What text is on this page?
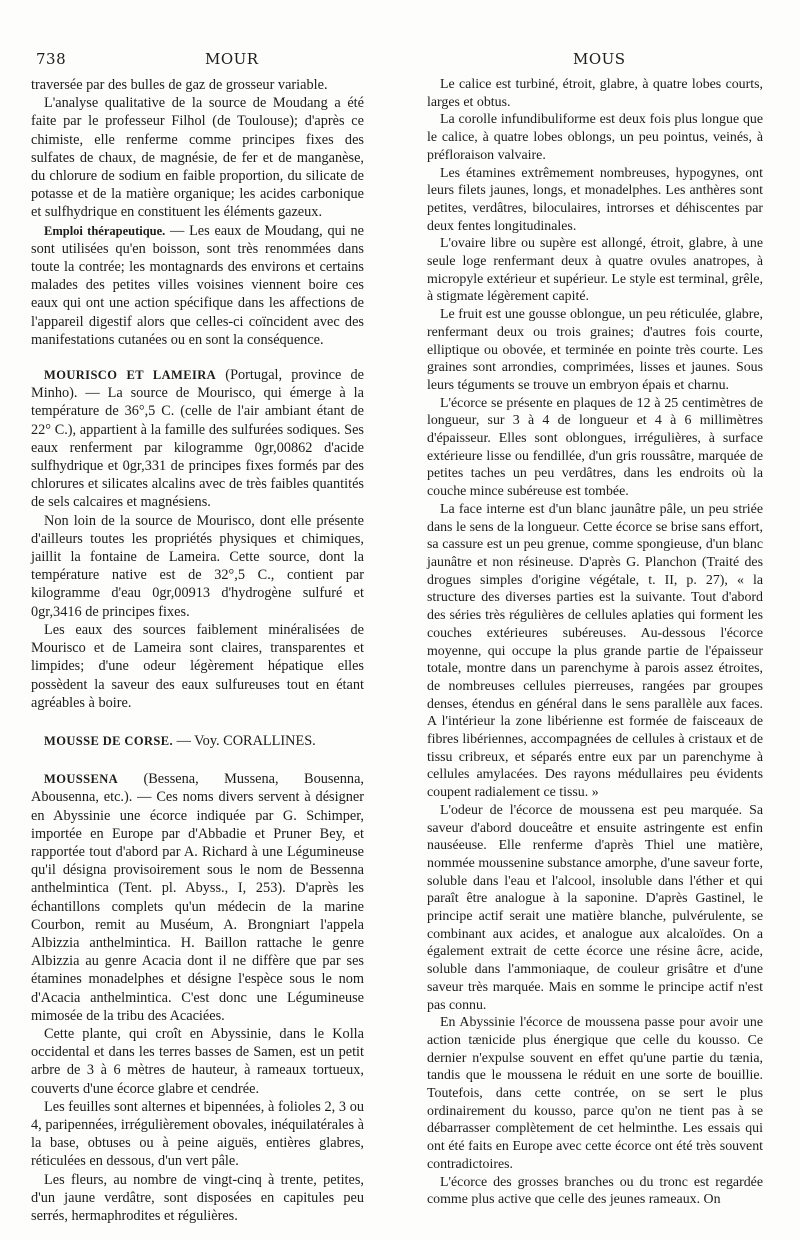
738	MOUR	MOUS

traversée par des bulles de gaz de grosseur variable.

L'analyse qualitative de la source de Moudang a été faite par le professeur Filhol (de Toulouse); d'après ce chimiste, elle renferme comme principes fixes des sulfates de chaux, de magnésie, de fer et de manganèse, du chlorure de sodium en faible proportion, du silicate de potasse et de la matière organique; les acides carbonique et sulfhydrique en constituent les éléments gazeux.

Emploi thérapeutique. — Les eaux de Moudang, qui ne sont utilisées qu'en boisson, sont très renommées dans toute la contrée; les montagnards des environs et certains malades des petites villes voisines viennent boire ces eaux qui ont une action spécifique dans les affections de l'appareil digestif alors que celles-ci coïncident avec des manifestations cutanées ou en sont la conséquence.

MOURISCO ET LAMEIRA (Portugal, province de Minho). — La source de Mourisco, qui émerge à la température de 36°,5 C. (celle de l'air ambiant étant de 22° C.), appartient à la famille des sulfurées sodiques. Ses eaux renferment par kilogramme 0gr,00862 d'acide sulfhydrique et 0gr,331 de principes fixes formés par des chlorures et silicates alcalins avec de très faibles quantités de sels calcaires et magnésiens.

Non loin de la source de Mourisco, dont elle présente d'ailleurs toutes les propriétés physiques et chimiques, jaillit la fontaine de Lameira. Cette source, dont la température native est de 32°,5 C., contient par kilogramme d'eau 0gr,00913 d'hydrogène sulfuré et 0gr,3416 de principes fixes.

Les eaux des sources faiblement minéralisées de Mourisco et de Lameira sont claires, transparentes et limpides; d'une odeur légèrement hépatique elles possèdent la saveur des eaux sulfureuses tout en étant agréables à boire.

MOUSSE DE CORSE. — Voy. CORALLINES.

MOUSSENA (Bessena, Mussena, Bousenna, Abousenna, etc.). — Ces noms divers servent à désigner en Abyssinie une écorce indiquée par G. Schimper, importée en Europe par d'Abbadie et Pruner Bey, et rapportée tout d'abord par A. Richard à une Légumineuse qu'il désigna provisoirement sous le nom de Bessenna anthelmintica (Tent. pl. Abyss., I, 253). D'après les échantillons complets qu'un médecin de la marine Courbon, remit au Muséum, A. Brongniart l'appela Albizzia anthelmintica. H. Baillon rattache le genre Albizzia au genre Acacia dont il ne diffère que par ses étamines monadelphes et désigne l'espèce sous le nom d'Acacia anthelmintica. C'est donc une Légumineuse mimosée de la tribu des Acaciées.

Cette plante, qui croît en Abyssinie, dans le Kolla occidental et dans les terres basses de Samen, est un petit arbre de 3 à 6 mètres de hauteur, à rameaux tortueux, couverts d'une écorce glabre et cendrée.

Les feuilles sont alternes et bipennées, à folioles 2, 3 ou 4, paripennées, irrégulièrement obovales, inéquilatérales à la base, obtuses ou à peine aiguës, entières glabres, réticulées en dessous, d'un vert pâle.

Les fleurs, au nombre de vingt-cinq à trente, petites, d'un jaune verdâtre, sont disposées en capitules peu serrés, hermaphrodites et régulières.

Le calice est turbiné, étroit, glabre, à quatre lobes courts, larges et obtus.

La corolle infundibuliforme est deux fois plus longue que le calice, à quatre lobes oblongs, un peu pointus, veinés, à préfloraison valvaire.

Les étamines extrêmement nombreuses, hypogynes, ont leurs filets jaunes, longs, et monadelphes. Les anthères sont petites, verdâtres, biloculaires, introrses et déhiscentes par deux fentes longitudinales.

L'ovaire libre ou supère est allongé, étroit, glabre, à une seule loge renfermant deux à quatre ovules anatropes, à micropyle extérieur et supérieur. Le style est terminal, grêle, à stigmate légèrement capité.

Le fruit est une gousse oblongue, un peu réticulée, glabre, renfermant deux ou trois graines; d'autres fois courte, elliptique ou obovée, et terminée en pointe très courte. Les graines sont arrondies, comprimées, lisses et jaunes. Sous leurs téguments se trouve un embryon épais et charnu.

L'écorce se présente en plaques de 12 à 25 centimètres de longueur, sur 3 à 4 de longueur et 4 à 6 millimètres d'épaisseur. Elles sont oblongues, irrégulières, à surface extérieure lisse ou fendillée, d'un gris roussâtre, marquée de petites taches un peu verdâtres, dans les endroits où la couche mince subéreuse est tombée.

La face interne est d'un blanc jaunâtre pâle, un peu striée dans le sens de la longueur. Cette écorce se brise sans effort, sa cassure est un peu grenue, comme spongieuse, d'un blanc jaunâtre et non résineuse. D'après G. Planchon (Traité des drogues simples d'origine végétale, t. II, p. 27), « la structure des diverses parties est la suivante. Tout d'abord des séries très régulières de cellules aplaties qui forment les couches extérieures subéreuses. Au-dessous l'écorce moyenne, qui occupe la plus grande partie de l'épaisseur totale, montre dans un parenchyme à parois assez étroites, de nombreuses cellules pierreuses, rangées par groupes denses, étendus en général dans le sens parallèle aux faces. A l'intérieur la zone libérienne est formée de faisceaux de fibres libériennes, accompagnées de cellules à cristaux et de tissu cribreux, et séparés entre eux par un parenchyme à cellules amylacées. Des rayons médullaires peu évidents coupent radialement ce tissu. »

L'odeur de l'écorce de moussena est peu marquée. Sa saveur d'abord douceâtre et ensuite astringente est enfin nauséeuse. Elle renferme d'après Thiel une matière, nommée moussenine substance amorphe, d'une saveur forte, soluble dans l'eau et l'alcool, insoluble dans l'éther et qui paraît être analogue à la saponine. D'après Gastinel, le principe actif serait une matière blanche, pulvérulente, se combinant aux acides, et analogue aux alcaloïdes. On a également extrait de cette écorce une résine âcre, acide, soluble dans l'ammoniaque, de couleur grisâtre et d'une saveur très marquée. Mais en somme le principe actif n'est pas connu.

En Abyssinie l'écorce de moussena passe pour avoir une action tænicide plus énergique que celle du kousso. Ce dernier n'expulse souvent en effet qu'une partie du tænia, tandis que le moussena le réduit en une sorte de bouillie. Toutefois, dans cette contrée, on se sert le plus ordinairement du kousso, parce qu'on ne tient pas à se débarrasser complètement de cet helminthe. Les essais qui ont été faits en Europe avec cette écorce ont été très souvent contradictoires.

L'écorce des grosses branches ou du tronc est regardée comme plus active que celle des jeunes rameaux. On
